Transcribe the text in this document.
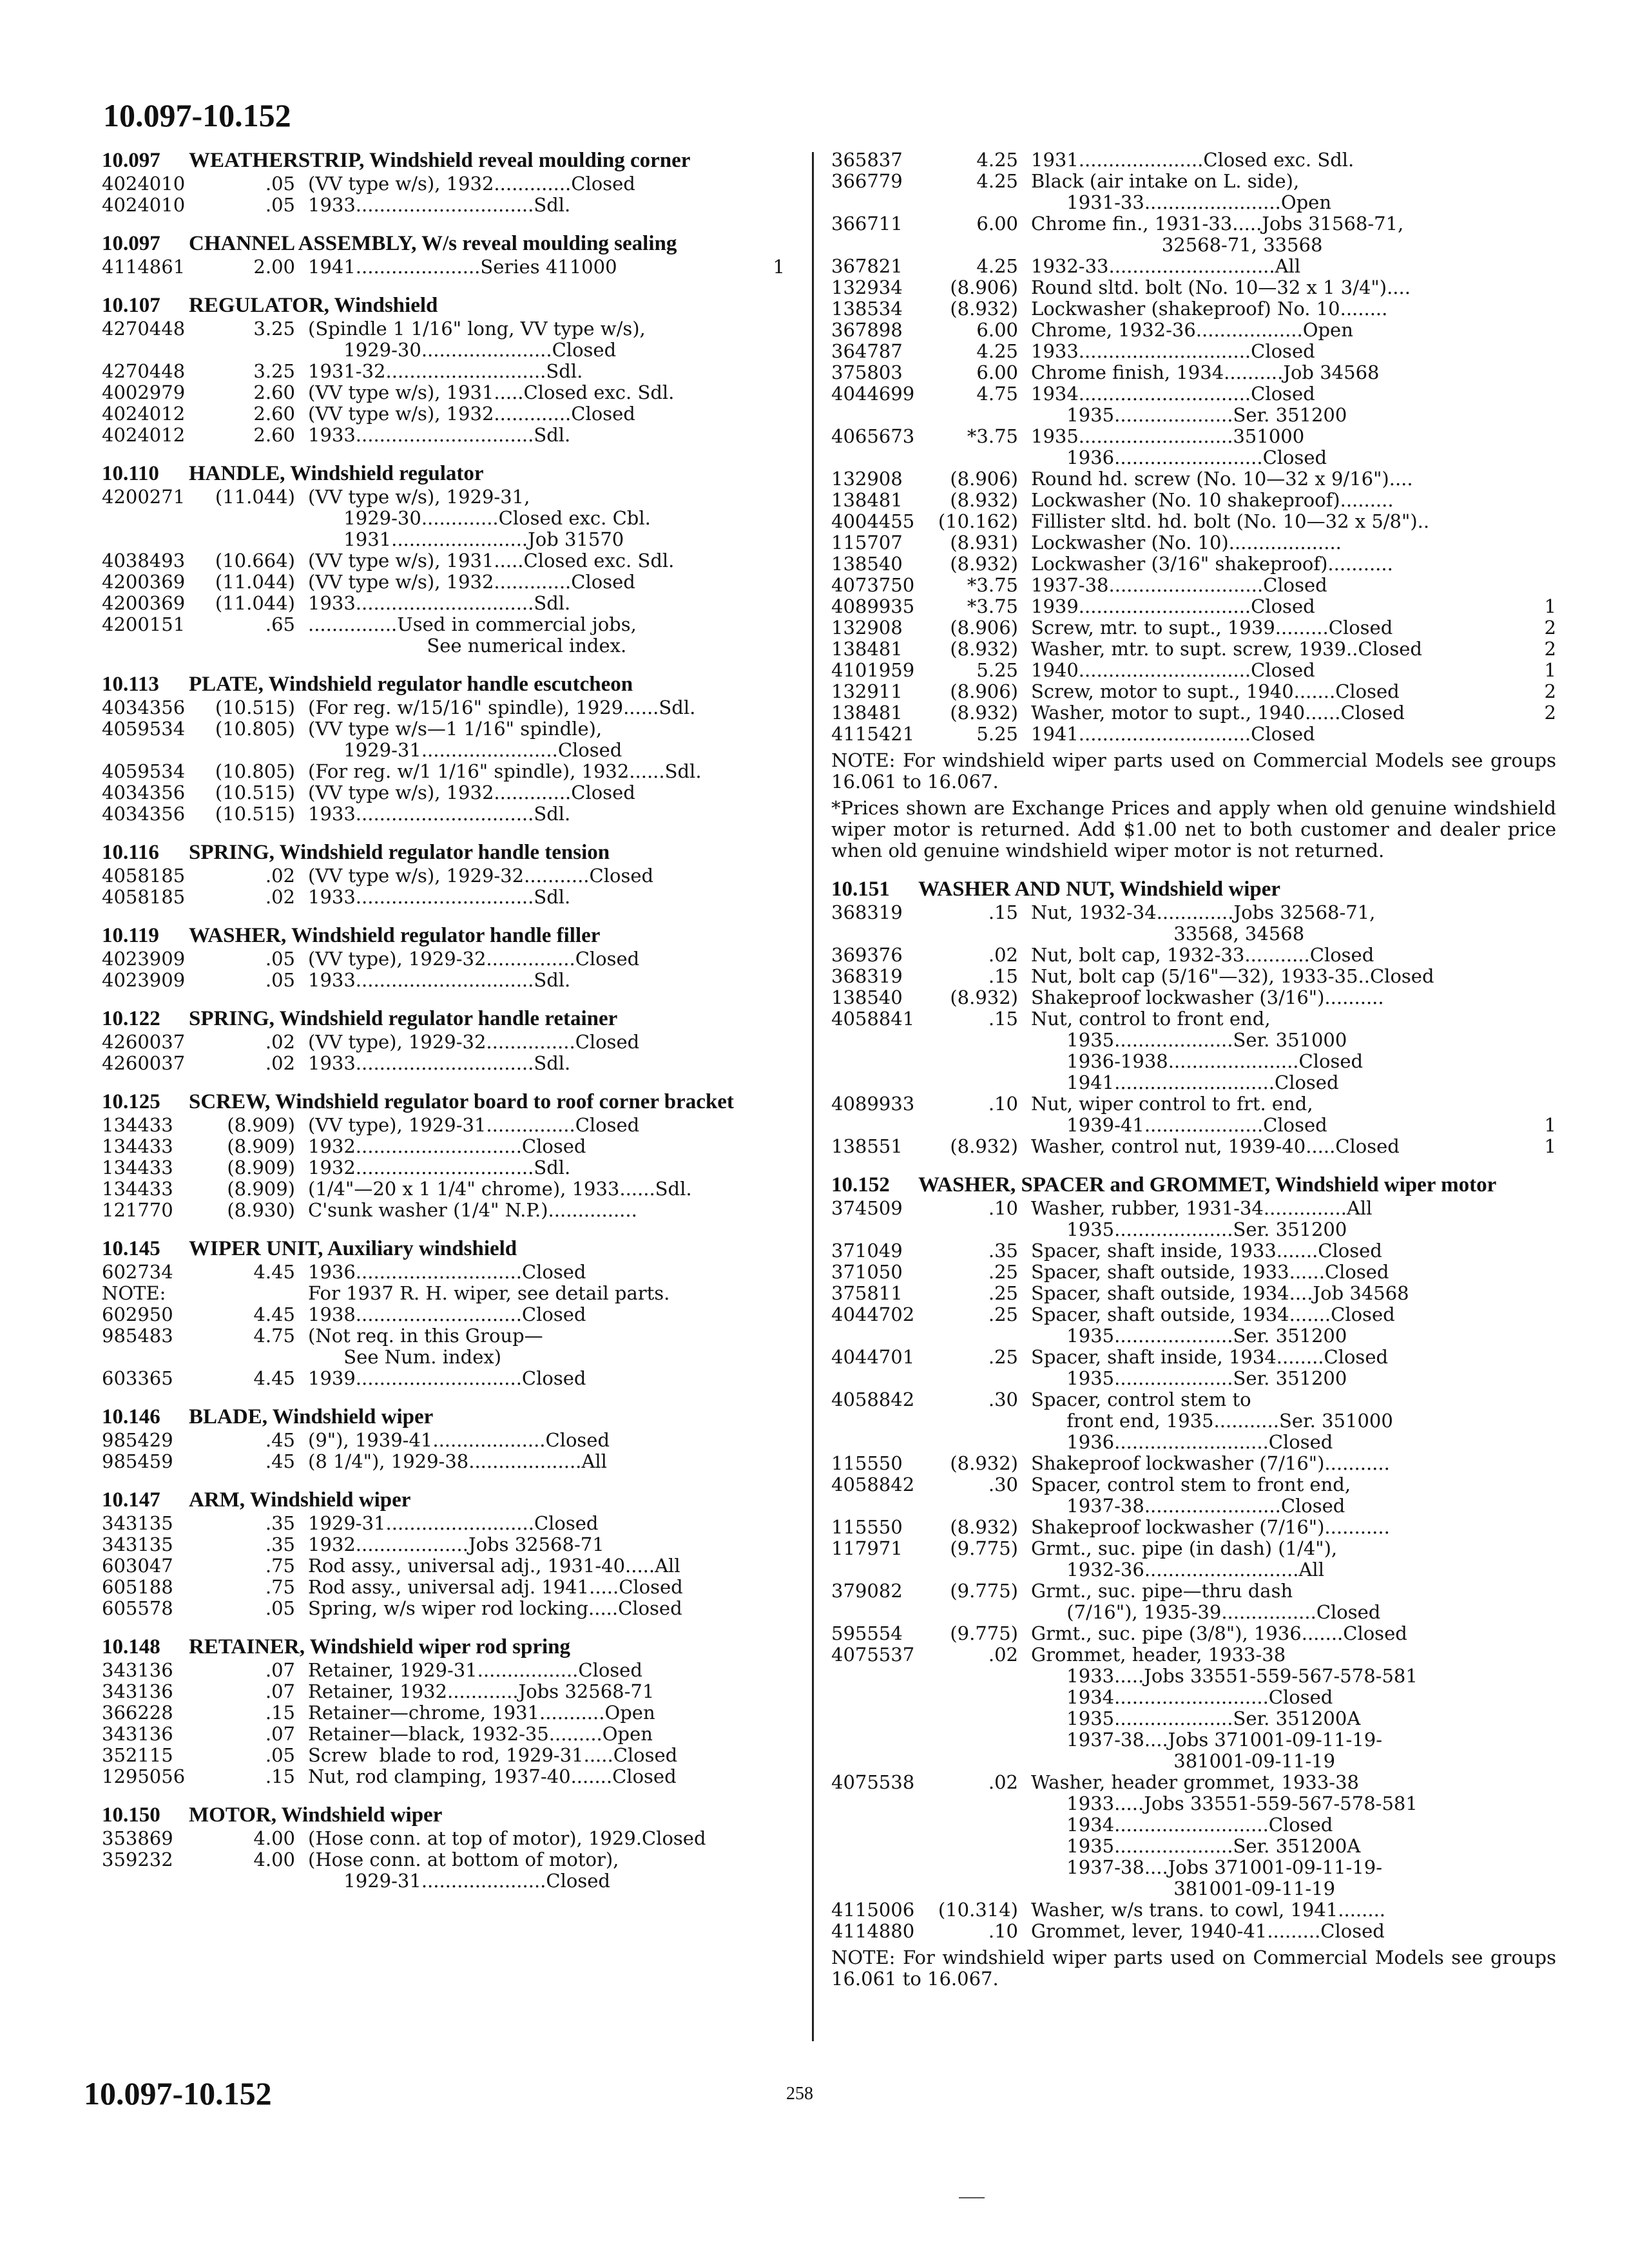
10.097-10.152
10.097	WEATHERSTRIP, Windshield reveal moulding corner
4024010	.05 (VV type w/s), 1932.............Closed
4024010	.05 1933..............................Sdl.
10.097	CHANNEL ASSEMBLY, W/s reveal moulding sealing
4114861	2.00 1941.....................Series 411000	1
10.107	REGULATOR, Windshield
4270448	3.25 (Spindle 1 1/16" long, VV type w/s),
1929-30......................Closed
4270448	3.25 1931-32...........................Sdl.
4002979	2.60 (VV type w/s), 1931.....Closed exc. Sdl.
4024012	2.60 (VV type w/s), 1932.............Closed
4024012	2.60 1933..............................Sdl.
10.110	HANDLE, Windshield regulator
4200271	(11.044) (VV type w/s), 1929-31,
1929-30.............Closed exc. Cbl.
1931.......................Job 31570
4038493	(10.664) (VV type w/s), 1931.....Closed exc. Sdl.
4200369	(11.044) (VV type w/s), 1932.............Closed
4200369	(11.044) 1933..............................Sdl.
4200151	.65 ...............Used in commercial jobs,
See numerical index.
10.113	PLATE, Windshield regulator handle escutcheon
4034356	(10.515) (For reg. w/15/16" spindle), 1929......Sdl.
4059534	(10.805) (VV type w/s—1 1/16" spindle),
1929-31.......................Closed
4059534	(10.805) (For reg. w/1 1/16" spindle), 1932......Sdl.
4034356	(10.515) (VV type w/s), 1932.............Closed
4034356	(10.515) 1933..............................Sdl.
10.116	SPRING, Windshield regulator handle tension
4058185	.02 (VV type w/s), 1929-32...........Closed
4058185	.02 1933..............................Sdl.
10.119	WASHER, Windshield regulator handle filler
4023909	.05 (VV type), 1929-32...............Closed
4023909	.05 1933..............................Sdl.
10.122	SPRING, Windshield regulator handle retainer
4260037	.02 (VV type), 1929-32...............Closed
4260037	.02 1933..............................Sdl.
10.125	SCREW, Windshield regulator board to roof corner bracket
134433	(8.909) (VV type), 1929-31...............Closed
134433	(8.909) 1932............................Closed
134433	(8.909) 1932..............................Sdl.
134433	(8.909) (1/4"—20 x 1 1/4" chrome), 1933......Sdl.
121770	(8.930) C'sunk washer (1/4" N.P.)...............
10.145	WIPER UNIT, Auxiliary windshield
602734	4.45 1936............................Closed
NOTE:	For 1937 R. H. wiper, see detail parts.
602950	4.45 1938............................Closed
985483	4.75 (Not req. in this Group—
See Num. index)
603365	4.45 1939............................Closed
10.146	BLADE, Windshield wiper
985429	.45 (9"), 1939-41...................Closed
985459	.45 (8 1/4"), 1929-38...................All
10.147	ARM, Windshield wiper
343135	.35 1929-31.........................Closed
343135	.35 1932...................Jobs 32568-71
603047	.75 Rod assy., universal adj., 1931-40.....All
605188	.75 Rod assy., universal adj. 1941.....Closed
605578	.05 Spring, w/s wiper rod locking.....Closed
10.148	RETAINER, Windshield wiper rod spring
343136	.07 Retainer, 1929-31.................Closed
343136	.07 Retainer, 1932............Jobs 32568-71
366228	.15 Retainer—chrome, 1931...........Open
343136	.07 Retainer—black, 1932-35.........Open
352115	.05 Screw  blade to rod, 1929-31.....Closed
1295056	.15 Nut, rod clamping, 1937-40.......Closed
10.150	MOTOR, Windshield wiper
353869	4.00 (Hose conn. at top of motor), 1929.Closed
359232	4.00 (Hose conn. at bottom of motor),
1929-31.....................Closed
365837	4.25 1931.....................Closed exc. Sdl.
366779	4.25 Black (air intake on L. side),
1931-33.......................Open
366711	6.00 Chrome fin., 1931-33.....Jobs 31568-71,
32568-71, 33568
367821	4.25 1932-33............................All
132934	(8.906) Round sltd. bolt (No. 10—32 x 1 3/4")....
138534	(8.932) Lockwasher (shakeproof) No. 10........
367898	6.00 Chrome, 1932-36..................Open
364787	4.25 1933.............................Closed
375803	6.00 Chrome finish, 1934..........Job 34568
4044699	4.75 1934.............................Closed
1935....................Ser. 351200
4065673	*3.75 1935..........................351000
1936.........................Closed
132908	(8.906) Round hd. screw (No. 10—32 x 9/16")....
138481	(8.932) Lockwasher (No. 10 shakeproof).........
4004455	(10.162) Fillister sltd. hd. bolt (No. 10—32 x 5/8")..
115707	(8.931) Lockwasher (No. 10)...................
138540	(8.932) Lockwasher (3/16" shakeproof)...........
4073750	*3.75 1937-38..........................Closed
4089935	*3.75 1939.............................Closed	1
132908	(8.906) Screw, mtr. to supt., 1939.........Closed	2
138481	(8.932) Washer, mtr. to supt. screw, 1939..Closed	2
4101959	5.25 1940.............................Closed	1
132911	(8.906) Screw, motor to supt., 1940.......Closed	2
138481	(8.932) Washer, motor to supt., 1940......Closed	2
4115421	5.25 1941.............................Closed
NOTE: For windshield wiper parts used on Commercial Models see groups 16.061 to 16.067.
*Prices shown are Exchange Prices and apply when old genuine windshield wiper motor is returned. Add $1.00 net to both customer and dealer price when old genuine windshield wiper motor is not returned.
10.151	WASHER AND NUT, Windshield wiper
368319	.15 Nut, 1932-34.............Jobs 32568-71,
33568, 34568
369376	.02 Nut, bolt cap, 1932-33...........Closed
368319	.15 Nut, bolt cap (5/16"—32), 1933-35..Closed
138540	(8.932) Shakeproof lockwasher (3/16")..........
4058841	.15 Nut, control to front end,
1935....................Ser. 351000
1936-1938......................Closed
1941...........................Closed
4089933	.10 Nut, wiper control to frt. end,
1939-41....................Closed	1
138551	(8.932) Washer, control nut, 1939-40.....Closed	1
10.152	WASHER, SPACER and GROMMET, Windshield wiper motor
374509	.10 Washer, rubber, 1931-34..............All
1935....................Ser. 351200
371049	.35 Spacer, shaft inside, 1933.......Closed
371050	.25 Spacer, shaft outside, 1933......Closed
375811	.25 Spacer, shaft outside, 1934....Job 34568
4044702	.25 Spacer, shaft outside, 1934.......Closed
1935....................Ser. 351200
4044701	.25 Spacer, shaft inside, 1934........Closed
1935....................Ser. 351200
4058842	.30 Spacer, control stem to
front end, 1935...........Ser. 351000
1936..........................Closed
115550	(8.932) Shakeproof lockwasher (7/16")...........
4058842	.30 Spacer, control stem to front end,
1937-38.......................Closed
115550	(8.932) Shakeproof lockwasher (7/16")...........
117971	(9.775) Grmt., suc. pipe (in dash) (1/4"),
1932-36..........................All
379082	(9.775) Grmt., suc. pipe—thru dash
(7/16"), 1935-39................Closed
595554	(9.775) Grmt., suc. pipe (3/8"), 1936.......Closed
4075537	.02 Grommet, header, 1933-38
1933.....Jobs 33551-559-567-578-581
1934..........................Closed
1935....................Ser. 351200A
1937-38....Jobs 371001-09-11-19-
381001-09-11-19
4075538	.02 Washer, header grommet, 1933-38
1933.....Jobs 33551-559-567-578-581
1934..........................Closed
1935....................Ser. 351200A
1937-38....Jobs 371001-09-11-19-
381001-09-11-19
4115006	(10.314) Washer, w/s trans. to cowl, 1941........
4114880	.10 Grommet, lever, 1940-41.........Closed
NOTE: For windshield wiper parts used on Commercial Models see groups 16.061 to 16.067.
10.097-10.152	258
